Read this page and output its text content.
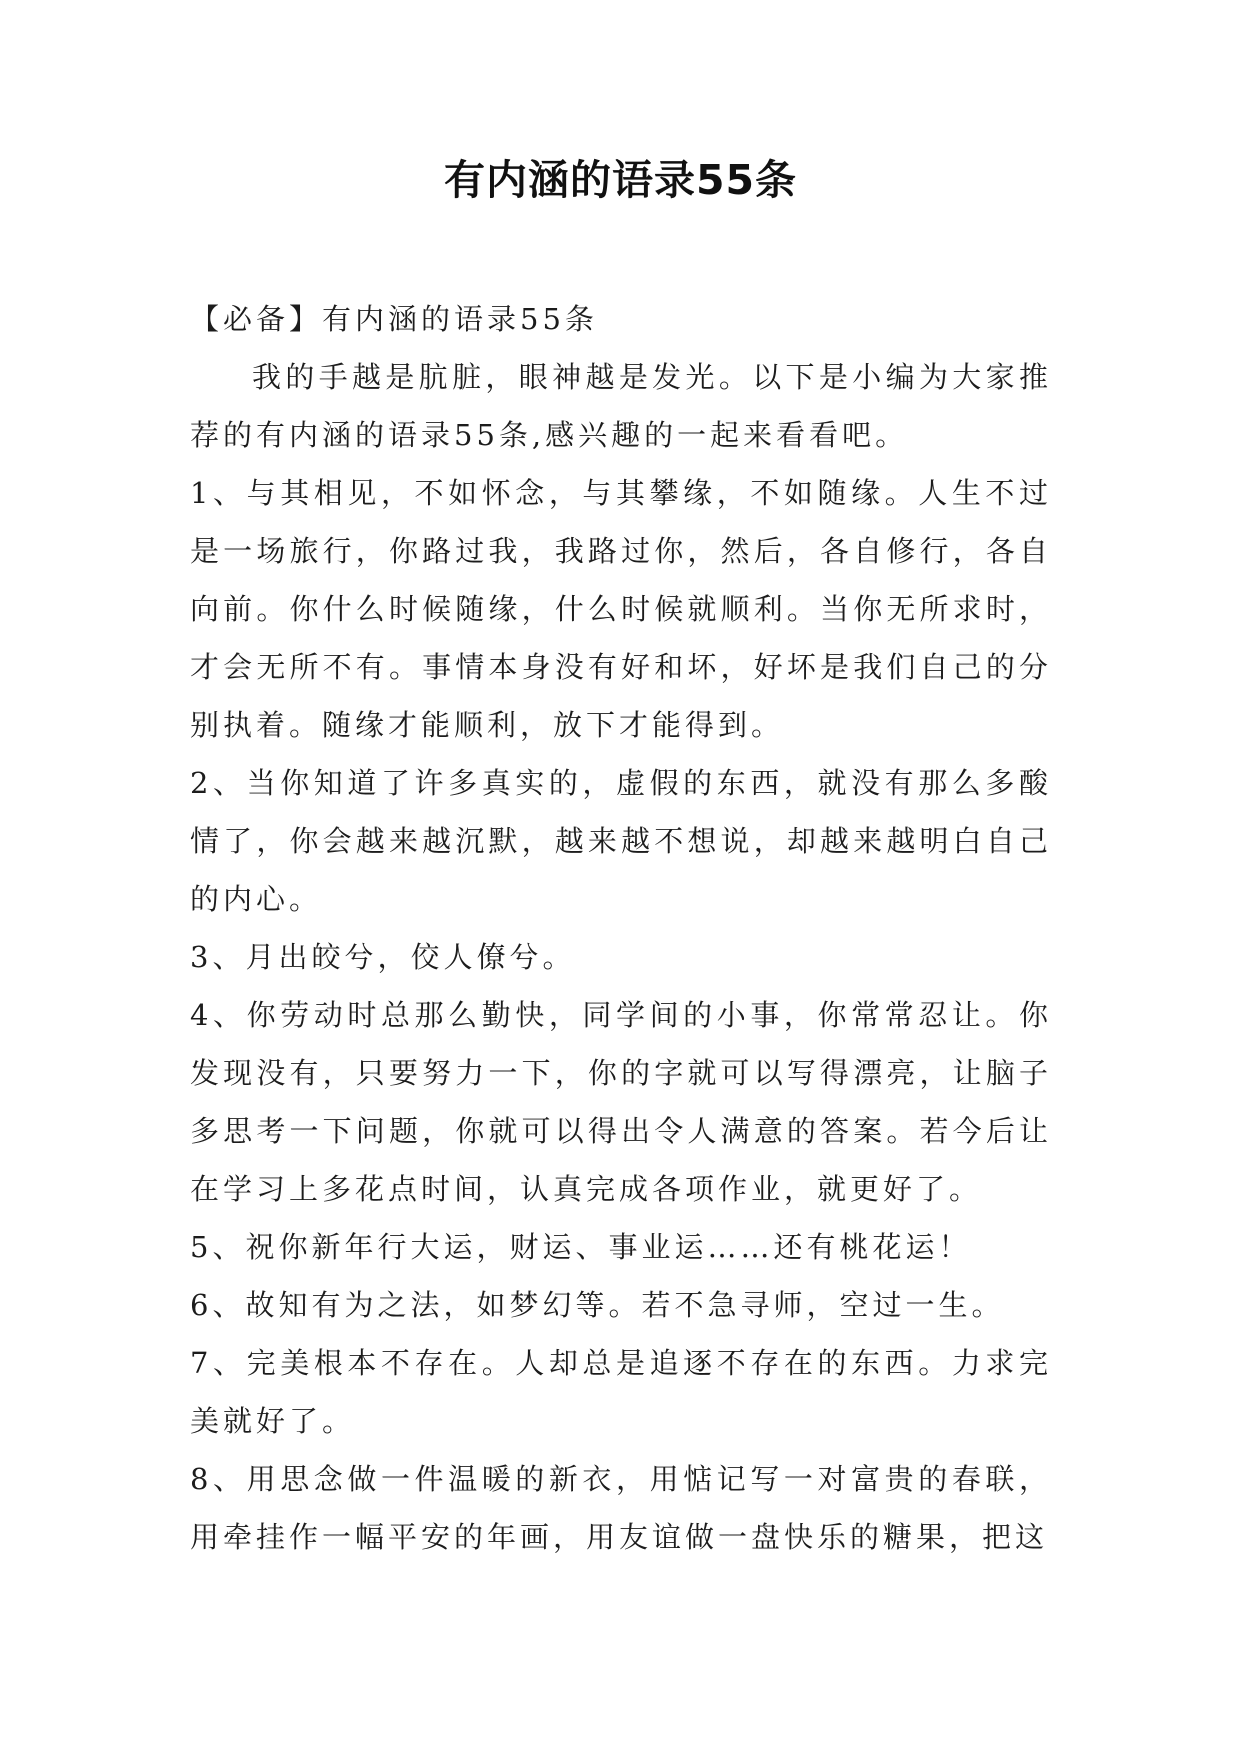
有内涵的语录55条

【必备】有内涵的语录55条

我的手越是肮脏，眼神越是发光。以下是小编为大家推荐的有内涵的语录55条,感兴趣的一起来看看吧。

1、与其相见，不如怀念，与其攀缘，不如随缘。人生不过是一场旅行，你路过我，我路过你，然后，各自修行，各自向前。你什么时候随缘，什么时候就顺利。当你无所求时，才会无所不有。事情本身没有好和坏，好坏是我们自己的分别执着。随缘才能顺利，放下才能得到。

2、当你知道了许多真实的，虚假的东西，就没有那么多酸情了，你会越来越沉默，越来越不想说，却越来越明白自己的内心。

3、月出皎兮，佼人僚兮。

4、你劳动时总那么勤快，同学间的小事，你常常忍让。你发现没有，只要努力一下，你的字就可以写得漂亮，让脑子多思考一下问题，你就可以得出令人满意的答案。若今后让在学习上多花点时间，认真完成各项作业，就更好了。

5、祝你新年行大运，财运、事业运……还有桃花运！

6、故知有为之法，如梦幻等。若不急寻师，空过一生。

7、完美根本不存在。人却总是追逐不存在的东西。力求完美就好了。

8、用思念做一件温暖的新衣，用惦记写一对富贵的春联，用牵挂作一幅平安的年画，用友谊做一盘快乐的糖果，把这
